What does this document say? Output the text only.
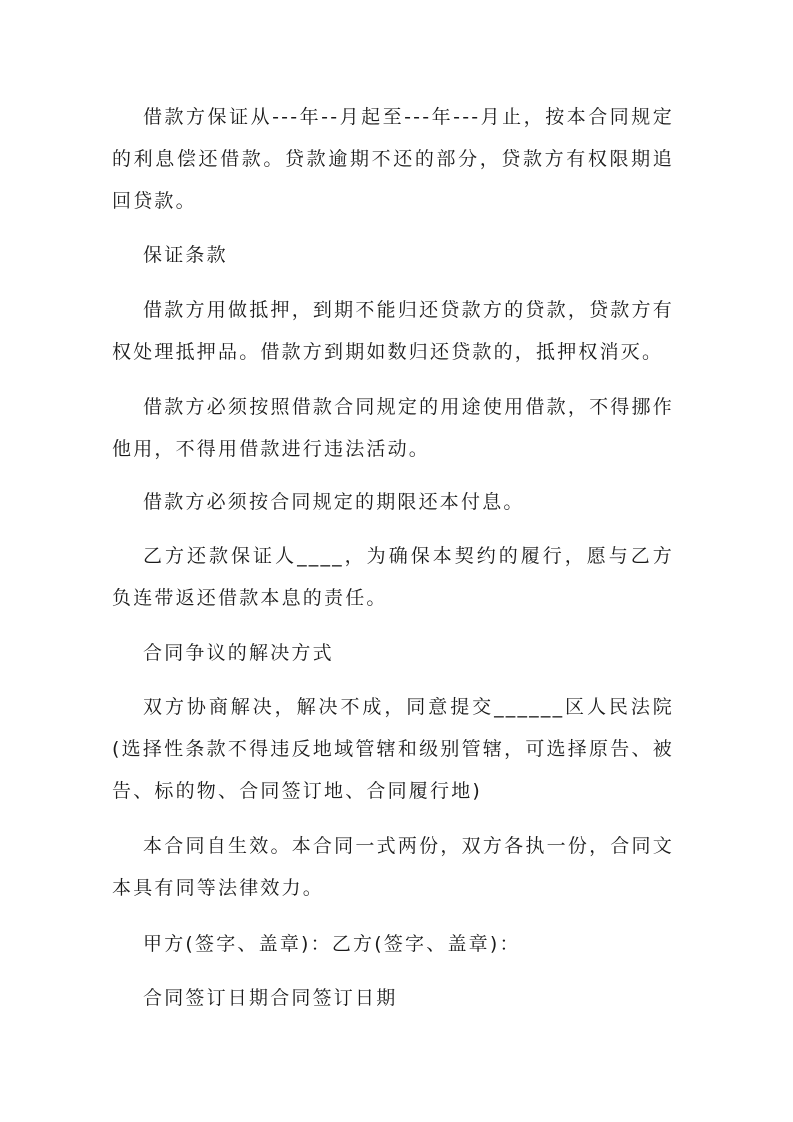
借款方保证从---年--月起至---年---月止，按本合同规定的利息偿还借款。贷款逾期不还的部分，贷款方有权限期追回贷款。

保证条款

借款方用做抵押，到期不能归还贷款方的贷款，贷款方有权处理抵押品。借款方到期如数归还贷款的，抵押权消灭。

借款方必须按照借款合同规定的用途使用借款，不得挪作他用，不得用借款进行违法活动。

借款方必须按合同规定的期限还本付息。

乙方还款保证人____，为确保本契约的履行，愿与乙方负连带返还借款本息的责任。

合同争议的解决方式

双方协商解决，解决不成，同意提交______区人民法院(选择性条款不得违反地域管辖和级别管辖，可选择原告、被告、标的物、合同签订地、合同履行地)

本合同自生效。本合同一式两份，双方各执一份，合同文本具有同等法律效力。

甲方(签字、盖章)：乙方(签字、盖章)：

合同签订日期合同签订日期
